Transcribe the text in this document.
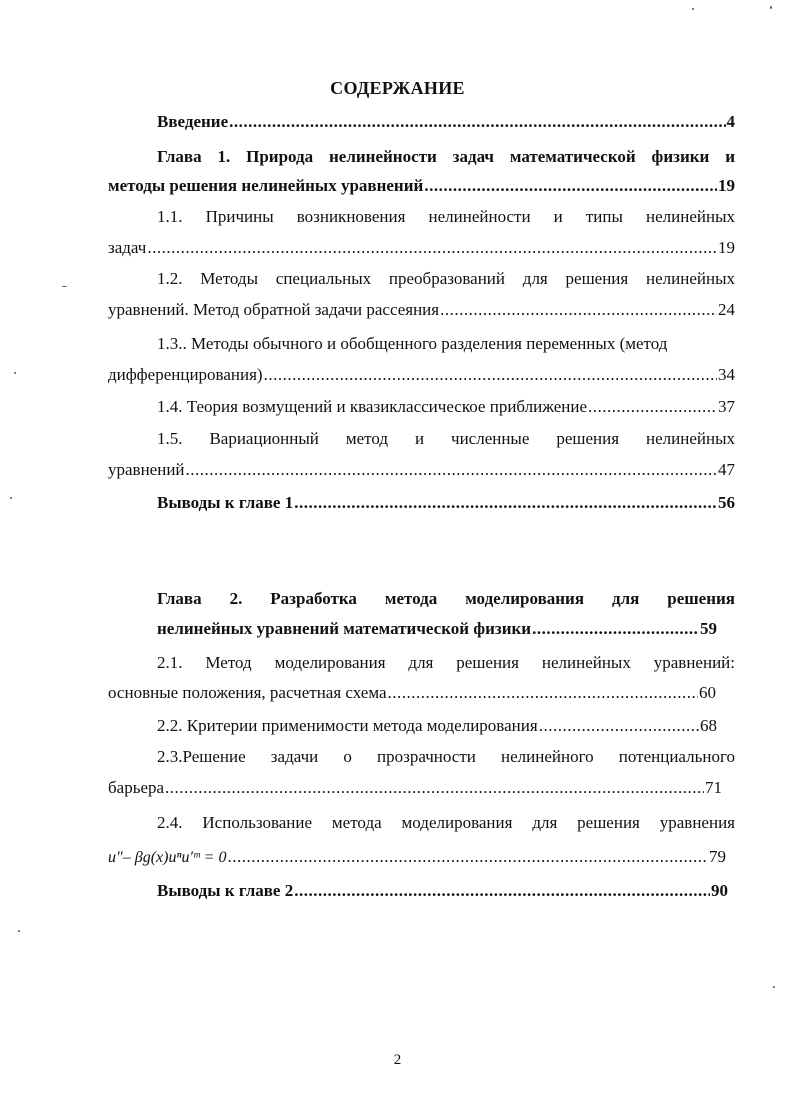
СОДЕРЖАНИЕ
Введение .....	4
Глава 1. Природа нелинейности задач математической физики и
методы решения нелинейных уравнений .....	19
1.1. Причины возникновения нелинейности и типы нелинейных
задач .....	19
1.2. Методы специальных преобразований для решения нелинейных
уравнений. Метод обратной задачи рассеяния .....	24
1.3.. Методы обычного и обобщенного разделения переменных (метод
дифференцирования) .....	34
1.4. Теория возмущений и квазиклассическое приближение .....	37
1.5. Вариационный метод и численные решения нелинейных
уравнений .....	47
Выводы к главе 1 .....	56
Глава 2. Разработка метода моделирования для решения
нелинейных уравнений математической физики .....	59
2.1. Метод моделирования для решения нелинейных уравнений:
основные положения, расчетная схема .....	60
2.2. Критерии применимости метода моделирования .....	68
2.3.Решение задачи о прозрачности нелинейного потенциального
барьера .....	71
2.4. Использование метода моделирования для решения уравнения
u"– βg(x)uⁿu′ᵐ = 0 .....	79
Выводы к главе 2 .....	90
2
